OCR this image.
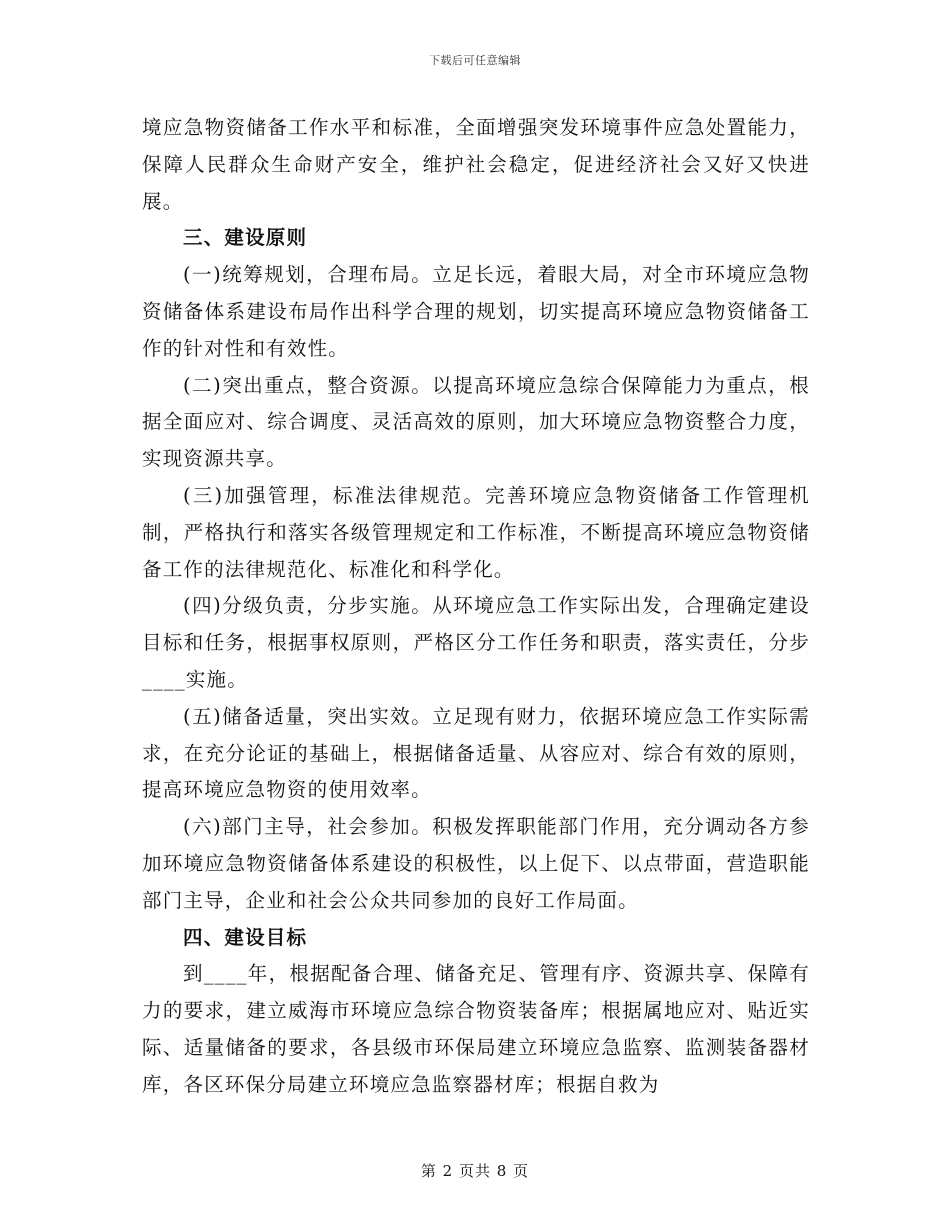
下载后可任意编辑

境应急物资储备工作水平和标准，全面增强突发环境事件应急处置能力，保障人民群众生命财产安全，维护社会稳定，促进经济社会又好又快进展。

三、建设原则

(一)统筹规划，合理布局。立足长远，着眼大局，对全市环境应急物资储备体系建设布局作出科学合理的规划，切实提高环境应急物资储备工作的针对性和有效性。

(二)突出重点，整合资源。以提高环境应急综合保障能力为重点，根据全面应对、综合调度、灵活高效的原则，加大环境应急物资整合力度，实现资源共享。

(三)加强管理，标准法律规范。完善环境应急物资储备工作管理机制，严格执行和落实各级管理规定和工作标准，不断提高环境应急物资储备工作的法律规范化、标准化和科学化。

(四)分级负责，分步实施。从环境应急工作实际出发，合理确定建设目标和任务，根据事权原则，严格区分工作任务和职责，落实责任，分步____实施。

(五)储备适量，突出实效。立足现有财力，依据环境应急工作实际需求，在充分论证的基础上，根据储备适量、从容应对、综合有效的原则，提高环境应急物资的使用效率。

(六)部门主导，社会参加。积极发挥职能部门作用，充分调动各方参加环境应急物资储备体系建设的积极性，以上促下、以点带面，营造职能部门主导，企业和社会公众共同参加的良好工作局面。

四、建设目标

到____年，根据配备合理、储备充足、管理有序、资源共享、保障有力的要求，建立威海市环境应急综合物资装备库；根据属地应对、贴近实际、适量储备的要求，各县级市环保局建立环境应急监察、监测装备器材库，各区环保分局建立环境应急监察器材库；根据自救为

第 2 页共 8 页
